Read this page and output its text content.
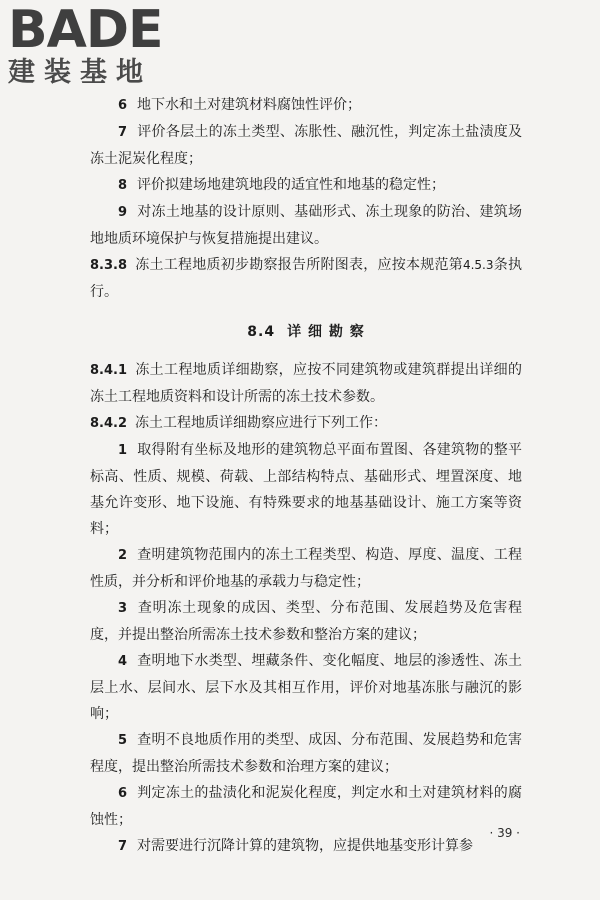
BADE
建装基地

6 地下水和土对建筑材料腐蚀性评价；

7 评价各层土的冻土类型、冻胀性、融沉性，判定冻土盐渍度及冻土泥炭化程度；

8 评价拟建场地建筑地段的适宜性和地基的稳定性；

9 对冻土地基的设计原则、基础形式、冻土现象的防治、建筑场地地质环境保护与恢复措施提出建议。

8.3.8 冻土工程地质初步勘察报告所附图表，应按本规范第4.5.3条执行。

8.4 详 细 勘 察

8.4.1 冻土工程地质详细勘察，应按不同建筑物或建筑群提出详细的冻土工程地质资料和设计所需的冻土技术参数。

8.4.2 冻土工程地质详细勘察应进行下列工作：

1 取得附有坐标及地形的建筑物总平面布置图、各建筑物的整平标高、性质、规模、荷载、上部结构特点、基础形式、埋置深度、地基允许变形、地下设施、有特殊要求的地基基础设计、施工方案等资料；

2 查明建筑物范围内的冻土工程类型、构造、厚度、温度、工程性质，并分析和评价地基的承载力与稳定性；

3 查明冻土现象的成因、类型、分布范围、发展趋势及危害程度，并提出整治所需冻土技术参数和整治方案的建议；

4 查明地下水类型、埋藏条件、变化幅度、地层的渗透性、冻土层上水、层间水、层下水及其相互作用，评价对地基冻胀与融沉的影响；

5 查明不良地质作用的类型、成因、分布范围、发展趋势和危害程度，提出整治所需技术参数和治理方案的建议；

6 判定冻土的盐渍化和泥炭化程度，判定水和土对建筑材料的腐蚀性；

7 对需要进行沉降计算的建筑物，应提供地基变形计算参

· 39 ·
